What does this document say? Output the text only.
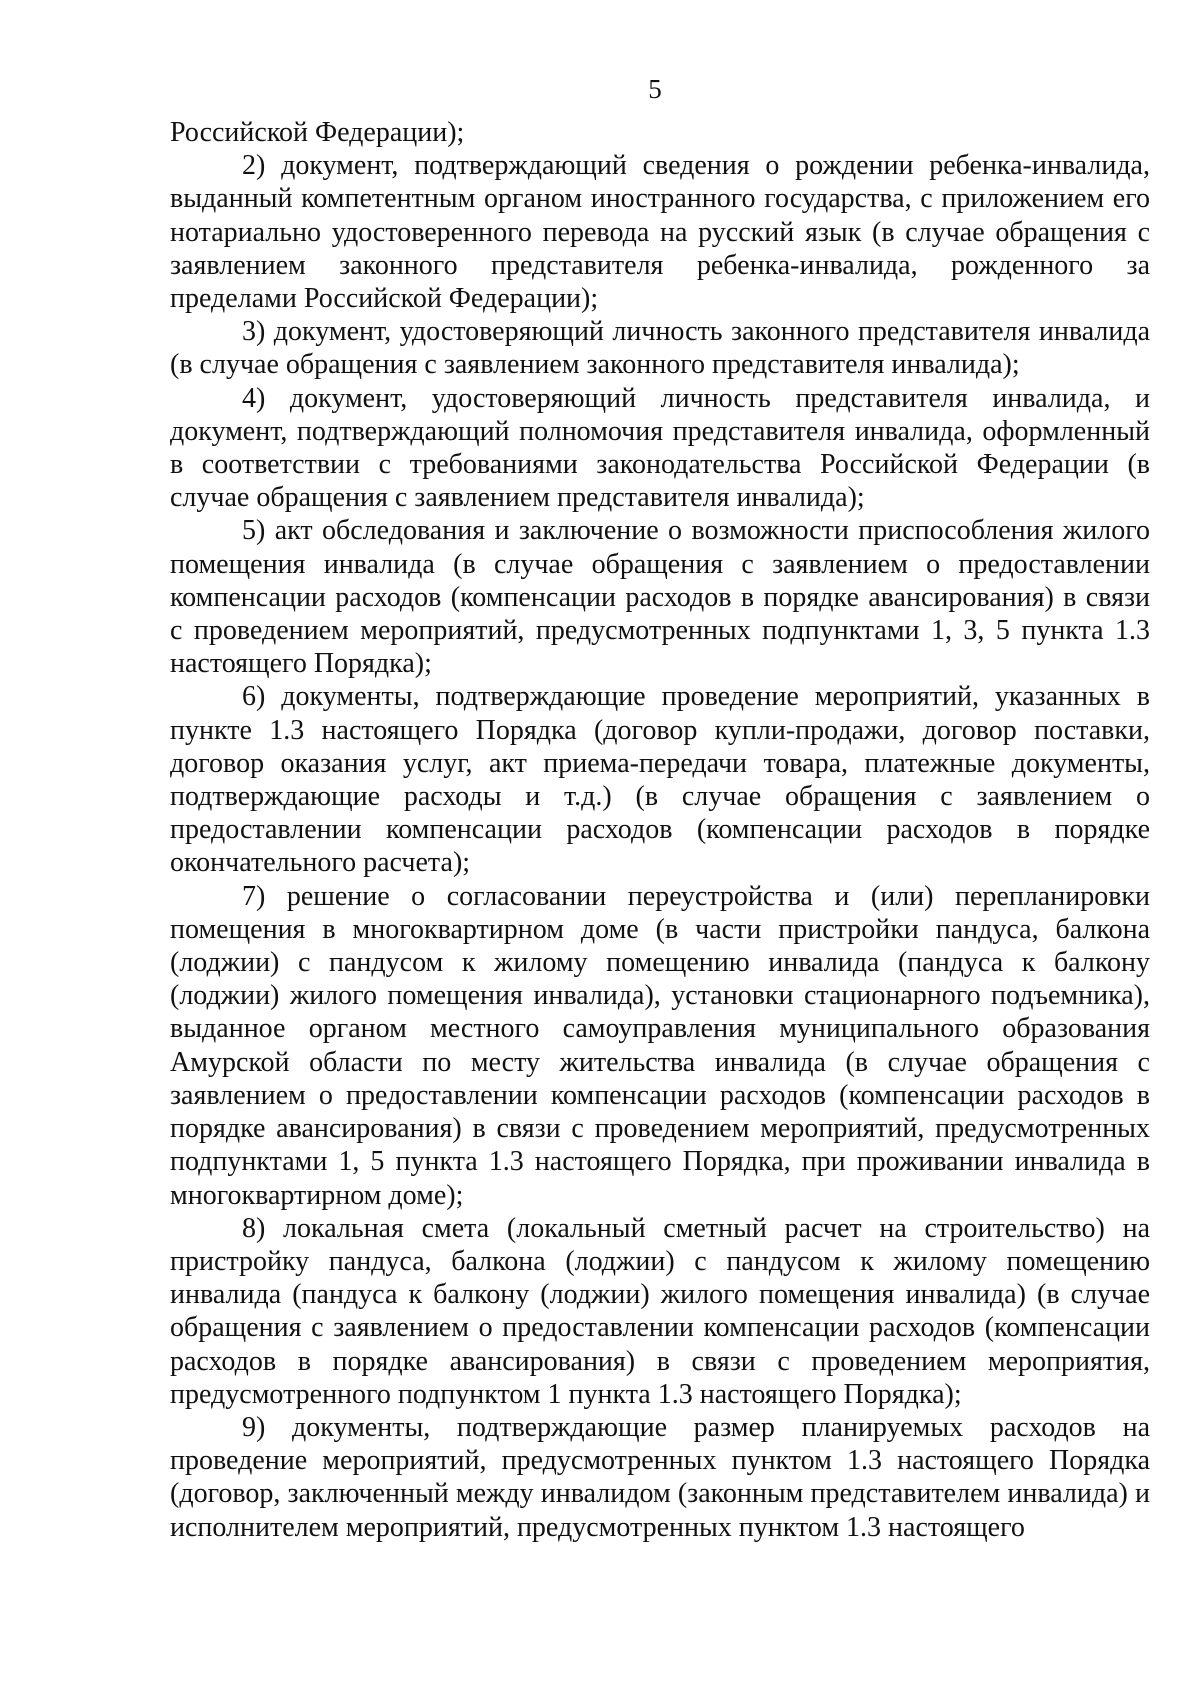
5

Российской Федерации);

2) документ, подтверждающий сведения о рождении ребенка-инвалида, выданный компетентным органом иностранного государства, с приложением его нотариально удостоверенного перевода на русский язык (в случае обращения с заявлением законного представителя ребенка-инвалида, рожденного за пределами Российской Федерации);

3) документ, удостоверяющий личность законного представителя инвалида (в случае обращения с заявлением законного представителя инвалида);

4) документ, удостоверяющий личность представителя инвалида, и документ, подтверждающий полномочия представителя инвалида, оформленный в соответствии с требованиями законодательства Российской Федерации (в случае обращения с заявлением представителя инвалида);

5) акт обследования и заключение о возможности приспособления жилого помещения инвалида (в случае обращения с заявлением о предоставлении компенсации расходов (компенсации расходов в порядке авансирования) в связи с проведением мероприятий, предусмотренных подпунктами 1, 3, 5 пункта 1.3 настоящего Порядка);

6) документы, подтверждающие проведение мероприятий, указанных в пункте 1.3 настоящего Порядка (договор купли-продажи, договор поставки, договор оказания услуг, акт приема-передачи товара, платежные документы, подтверждающие расходы и т.д.) (в случае обращения с заявлением о предоставлении компенсации расходов (компенсации расходов в порядке окончательного расчета);

7) решение о согласовании переустройства и (или) перепланировки помещения в многоквартирном доме (в части пристройки пандуса, балкона (лоджии) с пандусом к жилому помещению инвалида (пандуса к балкону (лоджии) жилого помещения инвалида), установки стационарного подъемника), выданное органом местного самоуправления муниципального образования Амурской области по месту жительства инвалида (в случае обращения с заявлением о предоставлении компенсации расходов (компенсации расходов в порядке авансирования) в связи с проведением мероприятий, предусмотренных подпунктами 1, 5 пункта 1.3 настоящего Порядка, при проживании инвалида в многоквартирном доме);

8) локальная смета (локальный сметный расчет на строительство) на пристройку пандуса, балкона (лоджии) с пандусом к жилому помещению инвалида (пандуса к балкону (лоджии) жилого помещения инвалида) (в случае обращения с заявлением о предоставлении компенсации расходов (компенсации расходов в порядке авансирования) в связи с проведением мероприятия, предусмотренного подпунктом 1 пункта 1.3 настоящего Порядка);

9) документы, подтверждающие размер планируемых расходов на проведение мероприятий, предусмотренных пунктом 1.3 настоящего Порядка (договор, заключенный между инвалидом (законным представителем инвалида) и исполнителем мероприятий, предусмотренных пунктом 1.3 настоящего
